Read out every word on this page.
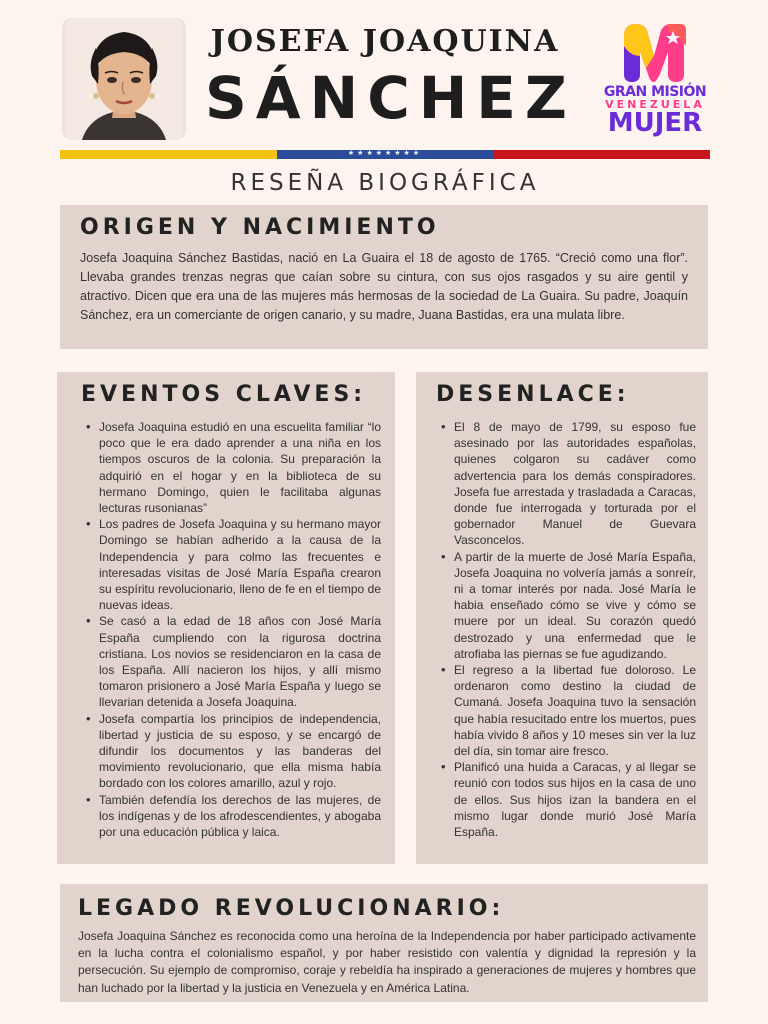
JOSEFA JOAQUINA
SÁNCHEZ	GRAN MISIÓN
VENEZUELA
MUJER
★★★★★★★★
RESEÑA BIOGRÁFICA
ORIGEN Y NACIMIENTO

Josefa Joaquina Sánchez Bastidas, nació en La Guaira el 18 de agosto de 1765. “Creció como una flor”. Llevaba grandes trenzas negras que caían sobre su cintura, con sus ojos rasgados y su aire gentil y atractivo. Dicen que era una de las mujeres más hermosas de la sociedad de La Guaira. Su padre, Joaquín Sánchez, era un comerciante de origen canario, y su madre, Juana Bastidas, era una mulata libre.

EVENTOS CLAVES:
• Josefa Joaquina estudió en una escuelita familiar “lo poco que le era dado aprender a una niña en los tiempos oscuros de la colonia. Su preparación la adquirió en el hogar y en la biblioteca de su hermano Domingo, quien le facilitaba algunas lecturas rusonianas”
• Los padres de Josefa Joaquina y su hermano mayor Domingo se habían adherido a la causa de la Independencia y para colmo las frecuentes e interesadas visitas de José María España crearon su espíritu revolucionario, lleno de fe en el tiempo de nuevas ideas.
• Se casó a la edad de 18 años con José María España cumpliendo con la rigurosa doctrina cristiana. Los novios se residenciaron en la casa de los España. Allí nacieron los hijos, y allí mismo tomaron prisionero a José María España y luego se llevarian detenida a Josefa Joaquina.
• Josefa compartía los principios de independencia, libertad y justicia de su esposo, y se encargó de difundir los documentos y las banderas del movimiento revolucionario, que ella misma había bordado con los colores amarillo, azul y rojo.
• También defendía los derechos de las mujeres, de los indígenas y de los afrodescendientes, y abogaba por una educación pública y laica.
DESENLACE:
• El 8 de mayo de 1799, su esposo fue asesinado por las autoridades españolas, quienes colgaron su cadáver como advertencia para los demás conspiradores. Josefa fue arrestada y trasladada a Caracas, donde fue interrogada y torturada por el gobernador Manuel de Guevara Vasconcelos.
• A partir de la muerte de José María España, Josefa Joaquina no volvería jamás a sonreír, ni a tomar interés por nada. José María le habia enseñado cómo se vive y cómo se muere por un ideal. Su corazón quedó destrozado y una enfermedad que le atrofiaba las piernas se fue agudizando.
• El regreso a la libertad fue doloroso. Le ordenaron como destino la ciudad de Cumaná. Josefa Joaquina tuvo la sensación que había resucitado entre los muertos, pues había vivido 8 años y 10 meses sin ver la luz del día, sin tomar aire fresco.
• Planificó una huida a Caracas, y al llegar se reunió con todos sus hijos en la casa de uno de ellos. Sus hijos izan la bandera en el mismo lugar donde murió José María España.
LEGADO REVOLUCIONARIO:

Josefa Joaquina Sánchez es reconocida como una heroína de la Independencia por haber participado activamente en la lucha contra el colonialismo español, y por haber resistido con valentía y dignidad la represión y la persecución. Su ejemplo de compromiso, coraje y rebeldía ha inspirado a generaciones de mujeres y hombres que han luchado por la libertad y la justicia en Venezuela y en América Latina.
